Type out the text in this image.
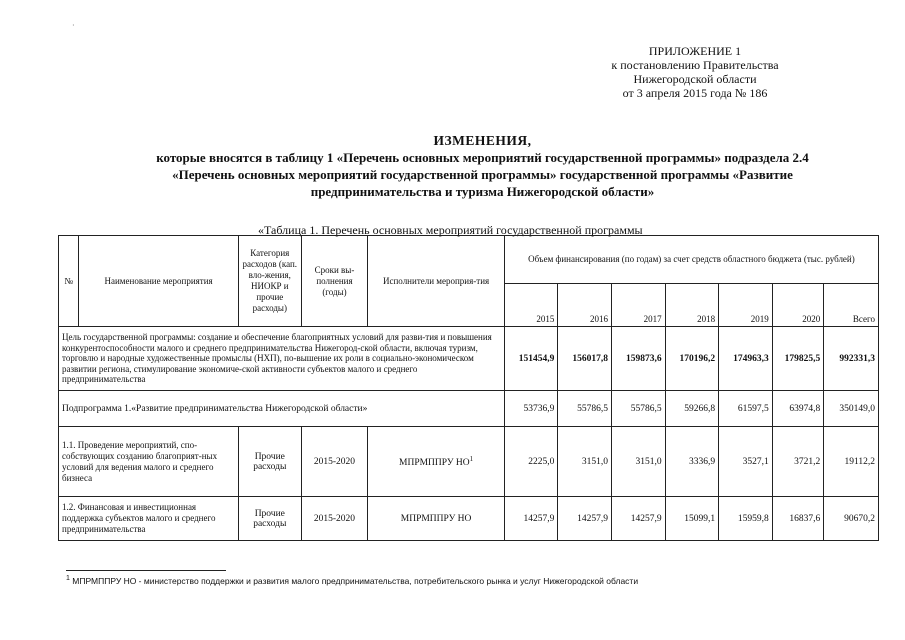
·
ПРИЛОЖЕНИЕ 1
к постановлению Правительства
Нижегородской области
от 3 апреля 2015 года № 186
ИЗМЕНЕНИЯ,
которые вносятся в таблицу 1 «Перечень основных мероприятий государственной программы» подраздела 2.4
«Перечень основных мероприятий государственной программы» государственной программы «Развитие
предпринимательства и туризма Нижегородской области»
«Таблица 1. Перечень основных мероприятий государственной программы
№	Наименование мероприятия	Категория расходов (кап. вло-жения, НИОКР и прочие расходы)	Сроки вы-полнения (годы)	Исполнители мероприя-тия	Объем финансирования (по годам) за счет средств областного бюджета (тыс. рублей)						
					2015	2016	2017	2018	2019	2020	Всего
Цель государственной программы: создание и обеспечение благоприятных условий для разви-тия и повышения конкурентоспособности малого и среднего предпринимательства Нижегород-ской области, включая туризм, торговлю и народные художественные промыслы (НХП), по-вышение их роли в социально-экономическом развитии региона, стимулирование экономиче-ской активности субъектов малого и среднего предпринимательства					151454,9	156017,8	159873,6	170196,2	174963,3	179825,5	992331,3
Подпрограмма 1.«Развитие предпринимательства Нижегородской области»					53736,9	55786,5	55786,5	59266,8	61597,5	63974,8	350149,0
1.1. Проведение мероприятий, спо-собствующих созданию благоприят-ных условий для ведения малого и среднего бизнеса		Прочие расходы	2015-2020	МПРМППРУ $НО^1$	2225,0	3151,0	3151,0	3336,9	3527,1	3721,2	19112,2
1.2. Финансовая и инвестиционная поддержка субъектов малого и среднего предпринимательства		Прочие расходы	2015-2020	МПРМППРУ НО	14257,9	14257,9	14257,9	15099,1	15959,8	16837,6	90670,2
$^1$ МПРМППРУ НО - министерство поддержки и развития малого предпринимательства, потребительского рынка и услуг Нижегородской области
